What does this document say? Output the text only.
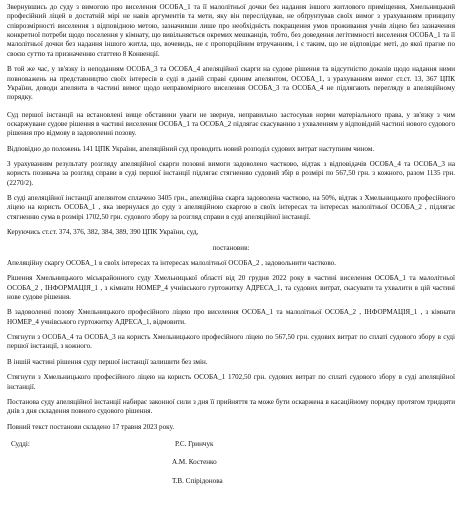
Звернувшись до суду з вимогою про виселення ОСОБА_1 та її малолітньої дочки без надання іншого житлового приміщення, Хмельницький професійний ліцей в достатній мірі не навів аргументів та мети, яку він переслідував, не обґрунтував своїх вимог з урахуванням принципу співрозмірності виселення з відповідною метою, зазначивши лише про необхідність покращення умов проживання учнів ліцею без зазначення конкретної потреби щодо поселення у кімнату, що вивільняється окремих мешканців, тобто, без доведення легітимності виселення ОСОБА_1 та її малолітньої дочки без надання іншого житла, що, вочевидь, не є пропорційним втручанням, і є таким, що не відповідає меті, до якої прагне по своєю суттю та призначенню статтею 8 Конвенції.

В той же час, у зв'язку із неподанням ОСОБА_3 та ОСОБА_4 апеляційної скарги на судове рішення та відсутністю доказів щодо надання ними повноважень на представництво своїх інтересів в суді в даній справі єдиним апелянтом, ОСОБА_1, з урахуванням вимог ст.ст. 13, 367 ЦПК України, доводи апелянта в частині вимог щодо неправомірного виселення ОСОБА_3 та ОСОБА_4 не підлягають перегляду в апеляційному порядку.

Суд першої інстанції на встановлені вище обставини уваги не звернув, неправильно застосував норми матеріального права, у зв'язку з чим оскаржуване судове рішення в частині виселення ОСОБА_1 та ОСОБА_2 підлягає скасуванню з ухваленням у відповідній частині нового судового рішення про відмову в задоволенні позову.

Відповідно до положень 141 ЦПК України, апеляційний суд проводить новий розподіл судових витрат наступним чином.

З урахуванням результату розгляду апеляційної скарги позовні вимоги задоволено частково, відтак з відповідачів ОСОБА_4 та ОСОБА_3 на користь позивача за розгляд справи в суді першої інстанції підлягає стягненню судовий збір в розмірі по 567,50 грн. з кожного, разом 1135 грн. (2270/2).

В суді апеляційної інстанції апелянтом сплачено 3405 грн., апеляційна скарга задоволена частково, на 50%, відтак з Хмельницького професійного ліцею на користь ОСОБА_1 , яка звернулася до суду з апеляційною скаргою в своїх інтересах та інтересах малолітньої ОСОБА_2 , підлягає стягненню сума в розмірі 1702,50 грн. судового збору за розгляд справи в суді апеляційної інстанції.

Керуючись ст.ст. 374, 376, 382, 384, 389, 390 ЦПК України, суд,

постановив:

Апеляційну скаргу ОСОБА_1 в своїх інтересах та інтересах малолітньої ОСОБА_2 , задовольнити частково.

Рішення Хмельницького міськрайонного суду Хмельницької області від 20 грудня 2022 року в частині виселення ОСОБА_1 та малолітньої ОСОБА_2 , ІНФОРМАЦІЯ_1 , з кімнати НОМЕР_4 учнівського гуртожитку АДРЕСА_1, та судових витрат, скасувати та ухвалити в цій частині нове судове рішення.

В задоволенні позову Хмельницького професійного ліцею про виселення ОСОБА_1 та малолітньої ОСОБА_2 , ІНФОРМАЦІЯ_1 , з кімнати НОМЕР_4 учнівського гуртожитку АДРЕСА_1, відмовити.

Стягнути з ОСОБА_4 та ОСОБА_3 на користь Хмельницького професійного ліцею по 567,50 грн. судових витрат по сплаті судового збору в суді першої інстанції, з кожного.

В іншій частині рішення суду першої інстанції залишити без змін.

Стягнути з Хмельницького професійного ліцею на користь ОСОБА_1 1702,50 грн. судових витрат по сплаті судового збору в суді апеляційної інстанції.

Постанова суду апеляційної інстанції набирає законної сили з дня її прийняття та може бути оскаржена в касаційному порядку протягом тридцяти днів з дня складення повного судового рішення.

Повний текст постанови складено 17 травня 2023 року.

Судді:	Р.С. Гринчук
А.М. Костенко
Т.В. Спірідонова
